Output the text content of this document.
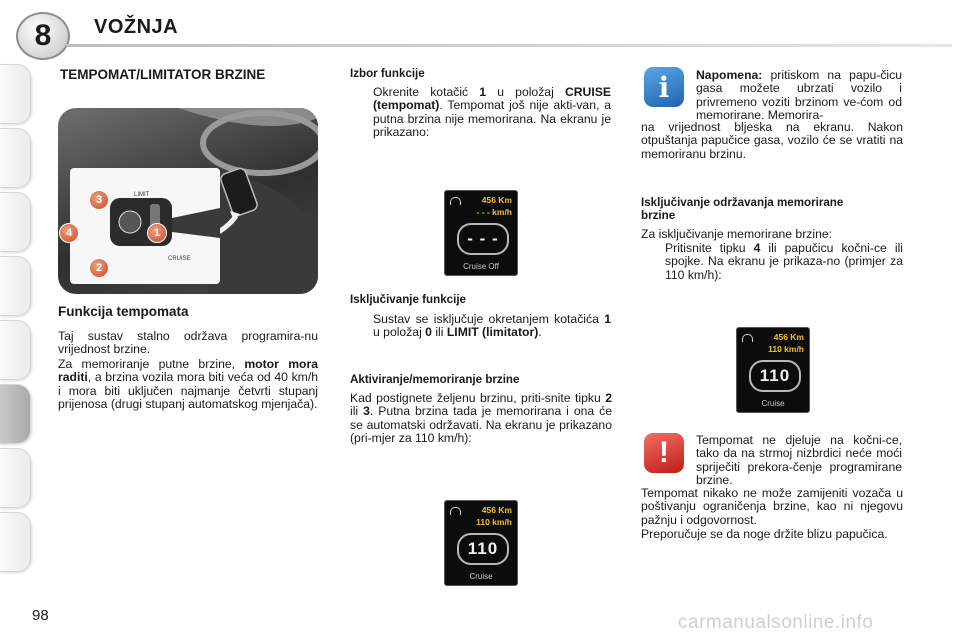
8	VOŽNJA
TEMPOMAT/LIMITATOR BRZINE
LIMIT
CRUISE
3
4	1
2
Funkcija tempomata
Taj sustav stalno održava programira-nu vrijednost brzine.
Za memoriranje putne brzine, motor mora raditi, a brzina vozila mora biti veća od 40 km/h i mora biti uključen najmanje četvrti stupanj prijenosa (drugi stupanj automatskog mjenjača).
Izbor funkcije
Okrenite kotačić 1 u položaj CRUISE (tempomat). Tempomat još nije akti-van, a putna brzina nije memorirana. Na ekranu je prikazano:
456 Km
- - - km/h
- - -
Cruise Off
Isključivanje funkcije
Sustav se isključuje okretanjem kotačića 1 u položaj 0 ili LIMIT (limitator).
Aktiviranje/memoriranje brzine
Kad postignete željenu brzinu, priti-snite tipku 2 ili 3. Putna brzina tada je memorirana i ona će se automatski održavati. Na ekranu je prikazano (pri-mjer za 110 km/h):
456 Km
110 km/h
110
Cruise
i	Napomena: pritiskom na papu-čicu gasa možete ubrzati vozilo i privremeno voziti brzinom ve-ćom od memorirane. Memorira-
na vrijednost bljeska na ekranu. Nakon otpuštanja papučice gasa, vozilo će se vratiti na memoriranu brzinu.
Isključivanje održavanja memorirane brzine
Za isključivanje memorirane brzine:
Pritisnite tipku 4 ili papučicu kočni-ce ili spojke. Na ekranu je prikaza-no (primjer za 110 km/h):
456 Km
110 km/h
110
Cruise
!	Tempomat ne djeluje na kočni-ce, tako da na strmoj nizbrdici neće moći spriječiti prekora-čenje programirane brzine.
Tempomat nikako ne može zamijeniti vozača u poštivanju ograničenja brzine, kao ni njegovu pažnju i odgovornost.
Preporučuje se da noge držite blizu papučica.
98	carmanualsonline.info
